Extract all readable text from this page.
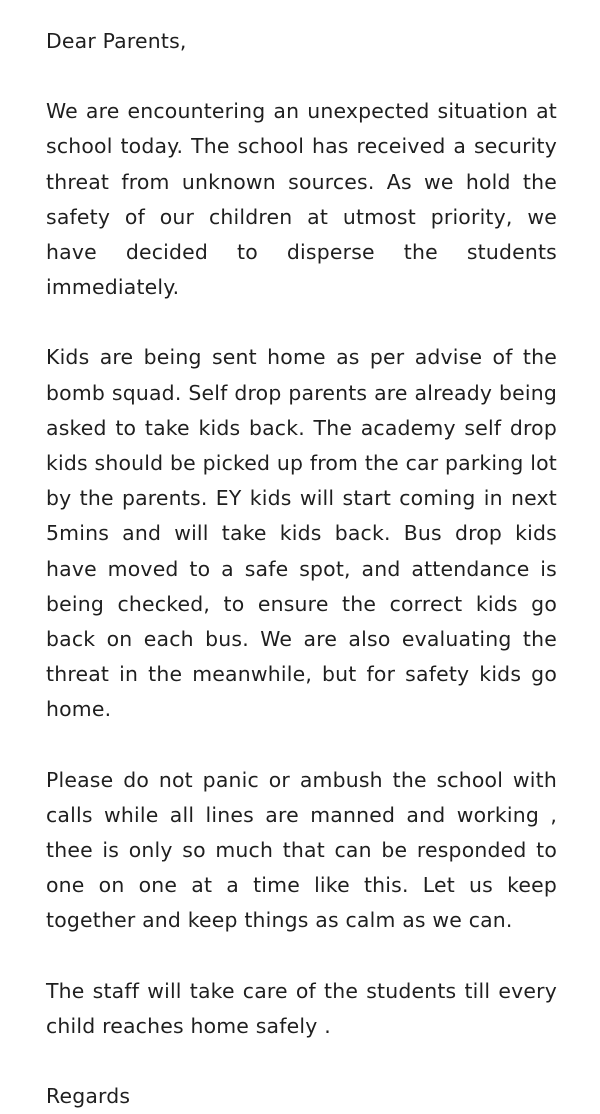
Dear Parents,

We are encountering an unexpected situation at school today. The school has received a security threat from unknown sources. As we hold the safety of our children at utmost priority, we have decided to disperse the students immediately.

Kids are being sent home as per advise of the bomb squad. Self drop parents are already being asked to take kids back. The academy self drop kids should be picked up from the car parking lot by the parents. EY kids will start coming in next 5mins and will take kids back. Bus drop kids have moved to a safe spot, and attendance is being checked, to ensure the correct kids go back on each bus. We are also evaluating the threat in the meanwhile, but for safety kids go home.

Please do not panic or ambush the school with calls while all lines are manned and working , thee is only so much that can be responded to one on one at a time like this. Let us keep together and keep things as calm as we can.

The staff will take care of the students till every child reaches home safely .

Regards
